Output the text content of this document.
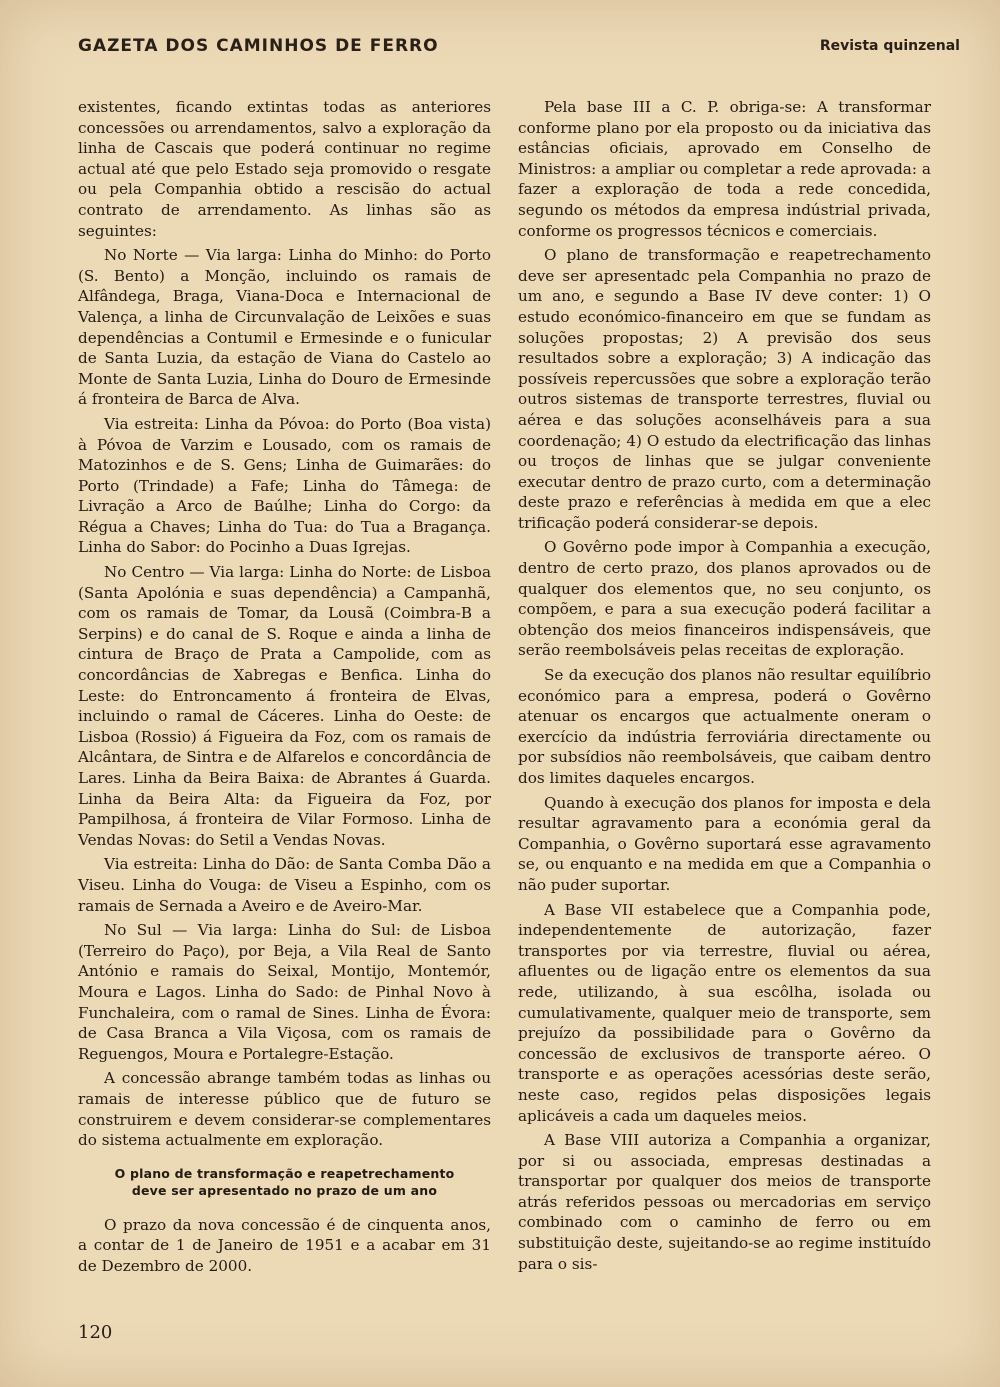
GAZETA DOS CAMINHOS DE FERRO	Revista quinzenal

existentes, ficando extintas todas as anteriores concessões ou arrendamentos, salvo a exploração da linha de Cascais que poderá continuar no regime actual até que pelo Estado seja promovido o resgate ou pela Companhia obtido a rescisão do actual contrato de arrendamento. As linhas são as seguintes:

No Norte — Via larga: Linha do Minho: do Porto (S. Bento) a Monção, incluindo os ramais de Alfândega, Braga, Viana-Doca e Internacional de Valença, a linha de Circunvalação de Leixões e suas dependências a Contumil e Ermesinde e o funicular de Santa Luzia, da estação de Viana do Castelo ao Monte de Santa Luzia, Linha do Douro de Ermesinde á fronteira de Barca de Alva.

Via estreita: Linha da Póvoa: do Porto (Boa vista) à Póvoa de Varzim e Lousado, com os ramais de Matozinhos e de S. Gens; Linha de Guimarães: do Porto (Trindade) a Fafe; Linha do Tâmega: de Livração a Arco de Baúlhe; Linha do Corgo: da Régua a Chaves; Linha do Tua: do Tua a Bragança. Linha do Sabor: do Pocinho a Duas Igrejas.

No Centro — Via larga: Linha do Norte: de Lisboa (Santa Apolónia e suas dependência) a Campanhã, com os ramais de Tomar, da Lousã (Coimbra-B a Serpins) e do canal de S. Roque e ainda a linha de cintura de Braço de Prata a Campolide, com as concordâncias de Xabregas e Benfica. Linha do Leste: do Entroncamento á fronteira de Elvas, incluindo o ramal de Cáceres. Linha do Oeste: de Lisboa (Rossio) á Figueira da Foz, com os ramais de Alcântara, de Sintra e de Alfarelos e concordância de Lares. Linha da Beira Baixa: de Abrantes á Guarda. Linha da Beira Alta: da Figueira da Foz, por Pampilhosa, á fronteira de Vilar Formoso. Linha de Vendas Novas: do Setil a Vendas Novas.

Via estreita: Linha do Dão: de Santa Comba Dão a Viseu. Linha do Vouga: de Viseu a Espinho, com os ramais de Sernada a Aveiro e de Aveiro-Mar.

No Sul — Via larga: Linha do Sul: de Lisboa (Terreiro do Paço), por Beja, a Vila Real de Santo António e ramais do Seixal, Montijo, Montemór, Moura e Lagos. Linha do Sado: de Pinhal Novo à Funchaleira, com o ramal de Sines. Linha de Évora: de Casa Branca a Vila Viçosa, com os ramais de Reguengos, Moura e Portalegre-Estação.

A concessão abrange também todas as linhas ou ramais de interesse público que de futuro se construirem e devem considerar-se complementares do sistema actualmente em exploração.

O plano de transformação e reapetrechamento
deve ser apresentado no prazo de um ano

O prazo da nova concessão é de cinquenta anos, a contar de 1 de Janeiro de 1951 e a acabar em 31 de Dezembro de 2000.

Pela base III a C. P. obriga-se: A transformar conforme plano por ela proposto ou da iniciativa das estâncias oficiais, aprovado em Conselho de Ministros: a ampliar ou completar a rede aprovada: a fazer a exploração de toda a rede concedida, segundo os métodos da empresa indústrial privada, conforme os progressos técnicos e comerciais.

O plano de transformação e reapetrechamento deve ser apresentadc pela Companhia no prazo de um ano, e segundo a Base IV deve conter: 1) O estudo económico-financeiro em que se fundam as soluções propostas; 2) A previsão dos seus resultados sobre a exploração; 3) A indicação das possíveis repercussões que sobre a exploração terão outros sistemas de transporte terrestres, fluvial ou aérea e das soluções aconselháveis para a sua coordenação; 4) O estudo da electrificação das linhas ou troços de linhas que se julgar conveniente executar dentro de prazo curto, com a determinação deste prazo e referências à medida em que a elec trificação poderá considerar-se depois.

O Govêrno pode impor à Companhia a execução, dentro de certo prazo, dos planos aprovados ou de qualquer dos elementos que, no seu conjunto, os compõem, e para a sua execução poderá facilitar a obtenção dos meios financeiros indispensáveis, que serão reembolsáveis pelas receitas de exploração.

Se da execução dos planos não resultar equilíbrio económico para a empresa, poderá o Govêrno atenuar os encargos que actualmente oneram o exercício da indústria ferroviária directamente ou por subsídios não reembolsáveis, que caibam dentro dos limites daqueles encargos.

Quando à execução dos planos for imposta e dela resultar agravamento para a económia geral da Companhia, o Govêrno suportará esse agravamento se, ou enquanto e na medida em que a Companhia o não puder suportar.

A Base VII estabelece que a Companhia pode, independentemente de autorização, fazer transportes por via terrestre, fluvial ou aérea, afluentes ou de ligação entre os elementos da sua rede, utilizando, à sua escôlha, isolada ou cumulativamente, qualquer meio de transporte, sem prejuízo da possibilidade para o Govêrno da concessão de exclusivos de transporte aéreo. O transporte e as operações acessórias deste serão, neste caso, regidos pelas disposições legais aplicáveis a cada um daqueles meios.

A Base VIII autoriza a Companhia a organizar, por si ou associada, empresas destinadas a transportar por qualquer dos meios de transporte atrás referidos pessoas ou mercadorias em serviço combinado com o caminho de ferro ou em substituição deste, sujeitando-se ao regime instituído para o sis-

120
